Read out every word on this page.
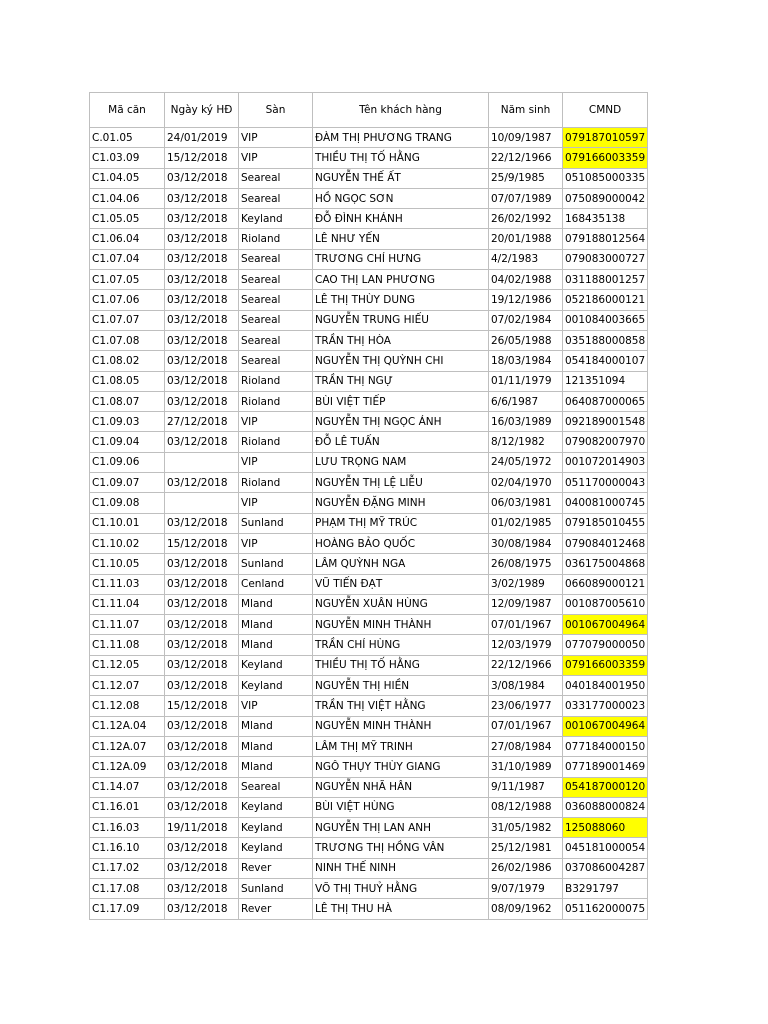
Mã căn	Ngày ký HĐ	Sàn	Tên khách hàng	Năm sinh	CMND
C.01.05	24/01/2019	VIP	ĐÀM THỊ PHƯƠNG TRANG	10/09/1987	079187010597
C1.03.09	15/12/2018	VIP	THIỀU THỊ TỐ HẰNG	22/12/1966	079166003359
C1.04.05	03/12/2018	Seareal	NGUYỄN THẾ ẤT	25/9/1985	051085000335
C1.04.06	03/12/2018	Seareal	HỒ NGỌC SƠN	07/07/1989	075089000042
C1.05.05	03/12/2018	Keyland	ĐỖ ĐÌNH KHÁNH	26/02/1992	168435138
C1.06.04	03/12/2018	Rioland	LÊ NHƯ YẾN	20/01/1988	079188012564
C1.07.04	03/12/2018	Seareal	TRƯƠNG CHÍ HƯNG	4/2/1983	079083000727
C1.07.05	03/12/2018	Seareal	CAO THỊ LAN PHƯƠNG	04/02/1988	031188001257
C1.07.06	03/12/2018	Seareal	LÊ THỊ THÙY DUNG	19/12/1986	052186000121
C1.07.07	03/12/2018	Seareal	NGUYỄN TRUNG HIẾU	07/02/1984	001084003665
C1.07.08	03/12/2018	Seareal	TRẦN THỊ HÒA	26/05/1988	035188000858
C1.08.02	03/12/2018	Seareal	NGUYỄN THỊ QUỲNH CHI	18/03/1984	054184000107
C1.08.05	03/12/2018	Rioland	TRẦN THỊ NGỰ	01/11/1979	121351094
C1.08.07	03/12/2018	Rioland	BÙI VIỆT TIẾP	6/6/1987	064087000065
C1.09.03	27/12/2018	VIP	NGUYỄN THỊ NGỌC ÁNH	16/03/1989	092189001548
C1.09.04	03/12/2018	Rioland	ĐỖ LÊ TUẤN	8/12/1982	079082007970
C1.09.06		VIP	LƯU TRỌNG NAM	24/05/1972	001072014903
C1.09.07	03/12/2018	Rioland	NGUYỄN THỊ LỆ LIỄU	02/04/1970	051170000043
C1.09.08		VIP	NGUYỄN ĐẶNG MINH	06/03/1981	040081000745
C1.10.01	03/12/2018	Sunland	PHẠM THỊ MỸ TRÚC	01/02/1985	079185010455
C1.10.02	15/12/2018	VIP	HOÀNG BẢO QUỐC	30/08/1984	079084012468
C1.10.05	03/12/2018	Sunland	LÂM QUỲNH NGA	26/08/1975	036175004868
C1.11.03	03/12/2018	Cenland	VŨ TIẾN ĐẠT	3/02/1989	066089000121
C1.11.04	03/12/2018	Mland	NGUYỄN XUÂN HÙNG	12/09/1987	001087005610
C1.11.07	03/12/2018	Mland	NGUYỄN MINH THÀNH	07/01/1967	001067004964
C1.11.08	03/12/2018	Mland	TRẦN CHÍ HÙNG	12/03/1979	077079000050
C1.12.05	03/12/2018	Keyland	THIỀU THỊ TỐ HẰNG	22/12/1966	079166003359
C1.12.07	03/12/2018	Keyland	NGUYỄN THỊ HIỀN	3/08/1984	040184001950
C1.12.08	15/12/2018	VIP	TRẦN THỊ VIỆT HẰNG	23/06/1977	033177000023
C1.12A.04	03/12/2018	Mland	NGUYỄN MINH THÀNH	07/01/1967	001067004964
C1.12A.07	03/12/2018	Mland	LÂM THỊ MỸ TRINH	27/08/1984	077184000150
C1.12A.09	03/12/2018	Mland	NGÔ THỤY THÙY GIANG	31/10/1989	077189001469
C1.14.07	03/12/2018	Seareal	NGUYỄN NHÃ HÂN	9/11/1987	054187000120
C1.16.01	03/12/2018	Keyland	BÙI VIỆT HÙNG	08/12/1988	036088000824
C1.16.03	19/11/2018	Keyland	NGUYỄN THỊ LAN ANH	31/05/1982	125088060
C1.16.10	03/12/2018	Keyland	TRƯƠNG THỊ HỒNG VÂN	25/12/1981	045181000054
C1.17.02	03/12/2018	Rever	NINH THẾ NINH	26/02/1986	037086004287
C1.17.08	03/12/2018	Sunland	VÕ THỊ THUỶ HẰNG	9/07/1979	B3291797
C1.17.09	03/12/2018	Rever	LÊ THỊ THU HÀ	08/09/1962	051162000075
